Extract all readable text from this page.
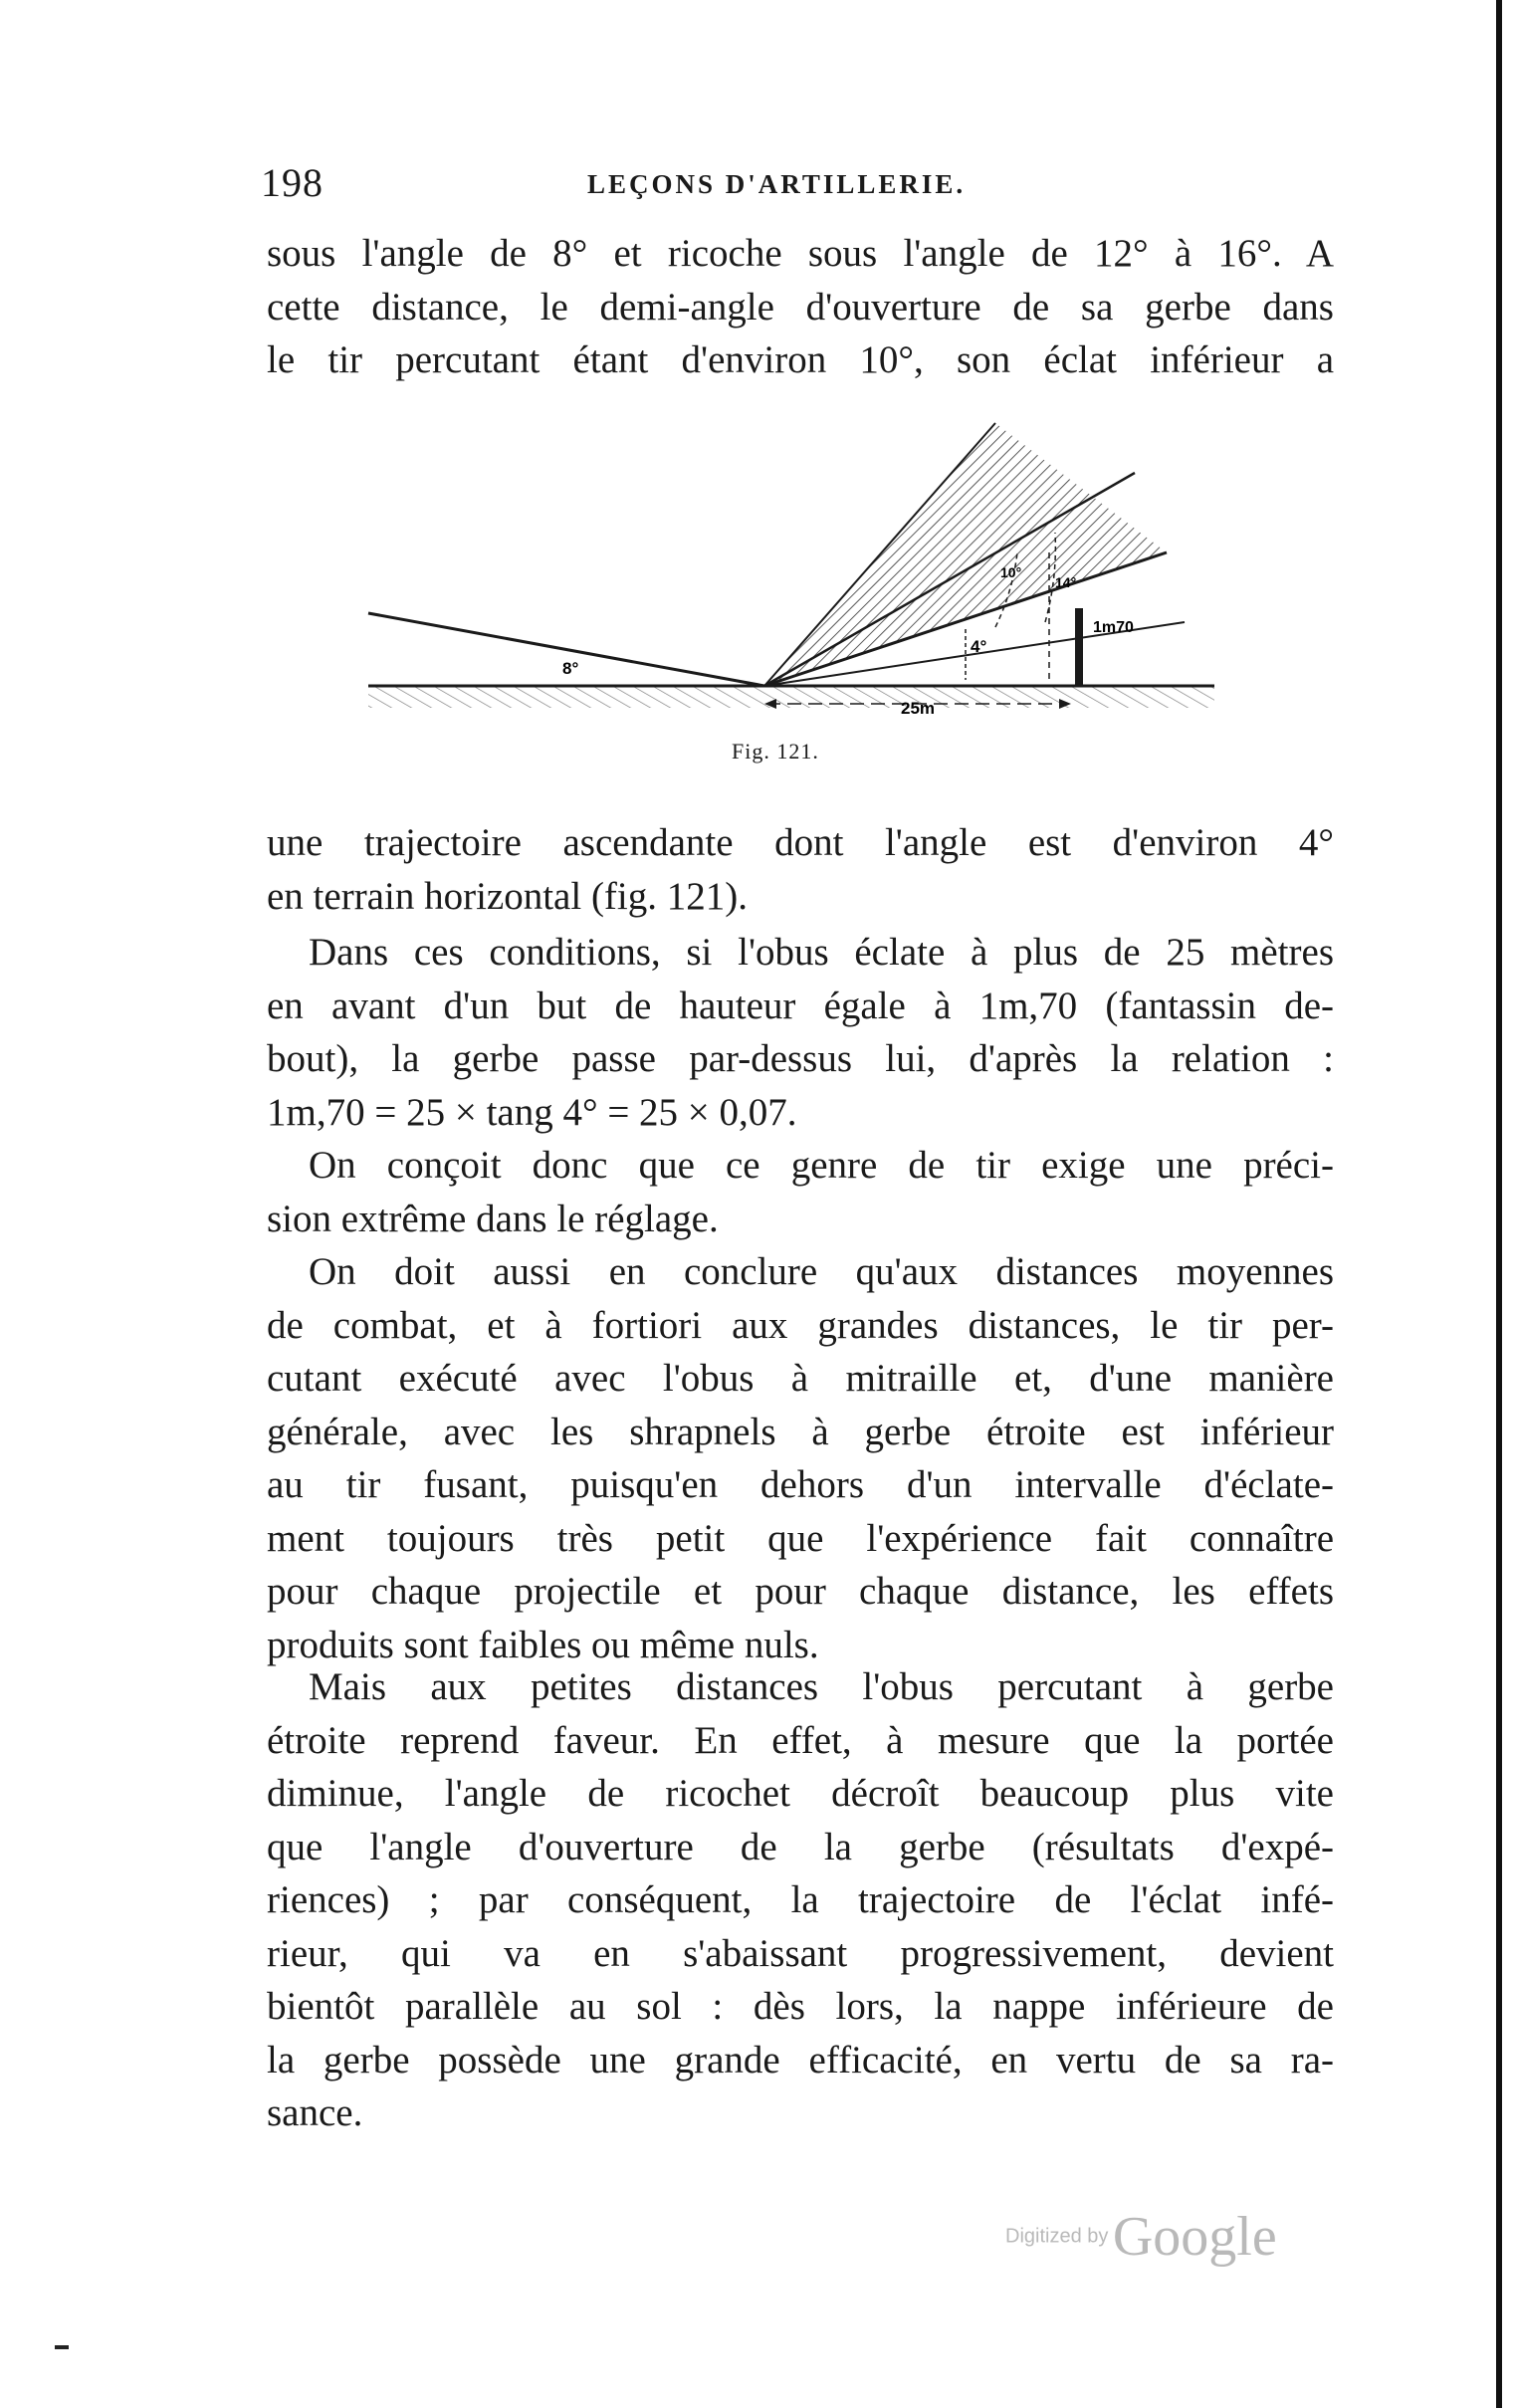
198	LEÇONS D'ARTILLERIE.
sous l'angle de 8° et ricoche sous l'angle de 12° à 16°. A
cette distance, le demi-angle d'ouverture de sa gerbe dans
le tir percutant étant d'environ 10°, son éclat inférieur a
8°
4°
10°
14°
1m70
25m
Fig. 121.
une trajectoire ascendante dont l'angle est d'environ 4°
en terrain horizontal (fig. 121).
Dans ces conditions, si l'obus éclate à plus de 25 mètres
en avant d'un but de hauteur égale à 1m,70 (fantassin de-
bout), la gerbe passe par-dessus lui, d'après la relation :
1m,70 = 25 × tang 4° = 25 × 0,07.
On conçoit donc que ce genre de tir exige une préci-
sion extrême dans le réglage.
On doit aussi en conclure qu'aux distances moyennes
de combat, et à fortiori aux grandes distances, le tir per-
cutant exécuté avec l'obus à mitraille et, d'une manière
générale, avec les shrapnels à gerbe étroite est inférieur
au tir fusant, puisqu'en dehors d'un intervalle d'éclate-
ment toujours très petit que l'expérience fait connaître
pour chaque projectile et pour chaque distance, les effets
produits sont faibles ou même nuls.
Mais aux petites distances l'obus percutant à gerbe
étroite reprend faveur. En effet, à mesure que la portée
diminue, l'angle de ricochet décroît beaucoup plus vite
que l'angle d'ouverture de la gerbe (résultats d'expé-
riences) ; par conséquent, la trajectoire de l'éclat infé-
rieur, qui va en s'abaissant progressivement, devient
bientôt parallèle au sol : dès lors, la nappe inférieure de
la gerbe possède une grande efficacité, en vertu de sa ra-
sance.
Digitized by Google
